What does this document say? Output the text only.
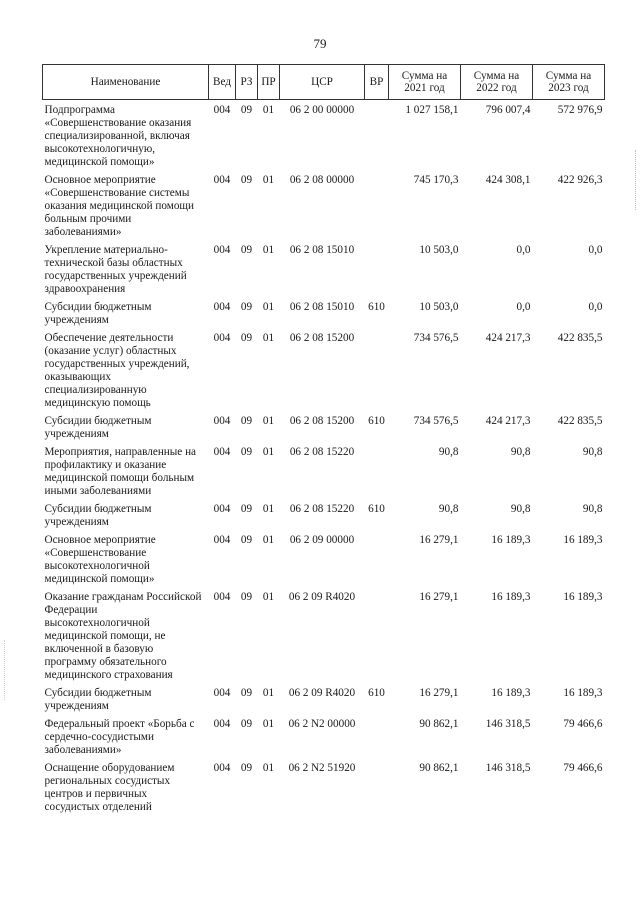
79
Наименование	Вед	РЗ	ПР	ЦСР	ВР	Сумма на 2021 год	Сумма на 2022 год	Сумма на 2023 год
Подпрограмма «Совершенствование оказания специализированной, включая высокотехнологичную, медицинской помощи»	004	09	01	06 2 00 00000		1 027 158,1	796 007,4	572 976,9
Основное мероприятие «Совершенствование системы оказания медицинской помощи больным прочими заболеваниями»	004	09	01	06 2 08 00000		745 170,3	424 308,1	422 926,3
Укрепление материально-технической базы областных государственных учреждений здравоохранения	004	09	01	06 2 08 15010		10 503,0	0,0	0,0
Субсидии бюджетным учреждениям	004	09	01	06 2 08 15010	610	10 503,0	0,0	0,0
Обеспечение деятельности (оказание услуг) областных государственных учреждений, оказывающих специализированную медицинскую помощь	004	09	01	06 2 08 15200		734 576,5	424 217,3	422 835,5
Субсидии бюджетным учреждениям	004	09	01	06 2 08 15200	610	734 576,5	424 217,3	422 835,5
Мероприятия, направленные на профилактику и оказание медицинской помощи больным иными заболеваниями	004	09	01	06 2 08 15220		90,8	90,8	90,8
Субсидии бюджетным учреждениям	004	09	01	06 2 08 15220	610	90,8	90,8	90,8
Основное мероприятие «Совершенствование высокотехнологичной медицинской помощи»	004	09	01	06 2 09 00000		16 279,1	16 189,3	16 189,3
Оказание гражданам Российской Федерации высокотехнологичной медицинской помощи, не включенной в базовую программу обязательного медицинского страхования	004	09	01	06 2 09 R4020		16 279,1	16 189,3	16 189,3
Субсидии бюджетным учреждениям	004	09	01	06 2 09 R4020	610	16 279,1	16 189,3	16 189,3
Федеральный проект «Борьба с сердечно-сосудистыми заболеваниями»	004	09	01	06 2 N2 00000		90 862,1	146 318,5	79 466,6
Оснащение оборудованием региональных сосудистых центров и первичных сосудистых отделений	004	09	01	06 2 N2 51920		90 862,1	146 318,5	79 466,6
